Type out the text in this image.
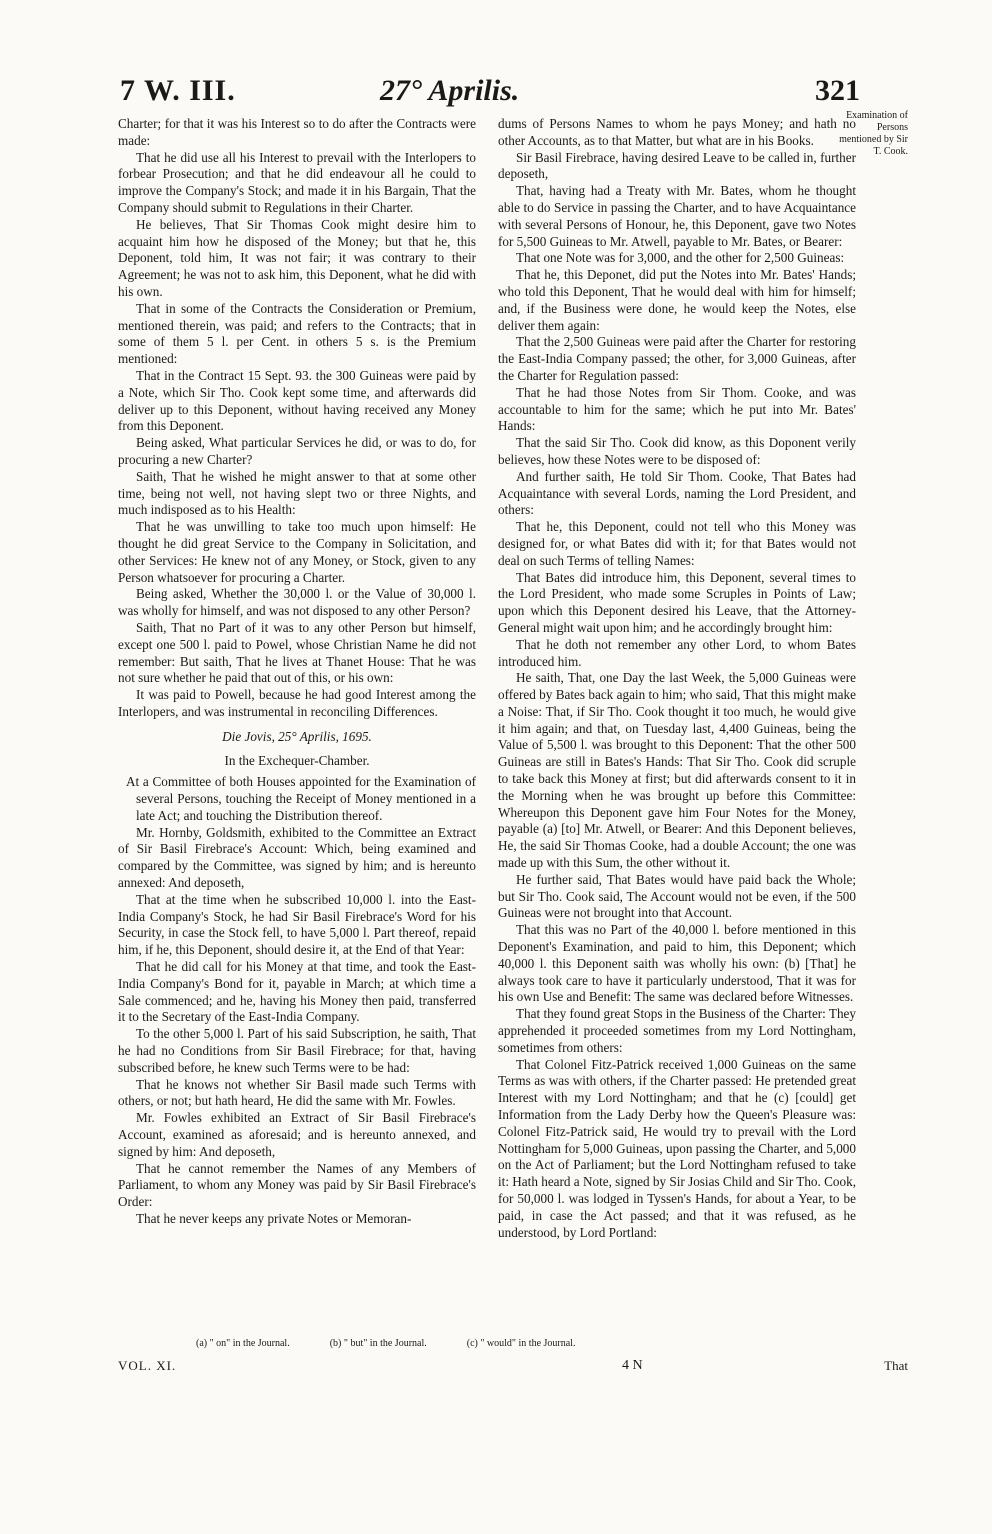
7 W. III.	27° Aprilis.	321
Examination of Persons mentioned by Sir T. Cook.

Charter; for that it was his Interest so to do after the Contracts were made:

That he did use all his Interest to prevail with the Interlopers to forbear Prosecution; and that he did endeavour all he could to improve the Company's Stock; and made it in his Bargain, That the Company should submit to Regulations in their Charter.

He believes, That Sir Thomas Cook might desire him to acquaint him how he disposed of the Money; but that he, this Deponent, told him, It was not fair; it was contrary to their Agreement; he was not to ask him, this Deponent, what he did with his own.

That in some of the Contracts the Consideration or Premium, mentioned therein, was paid; and refers to the Contracts; that in some of them 5 l. per Cent. in others 5 s. is the Premium mentioned:

That in the Contract 15 Sept. 93. the 300 Guineas were paid by a Note, which Sir Tho. Cook kept some time, and afterwards did deliver up to this Deponent, without having received any Money from this Deponent.

Being asked, What particular Services he did, or was to do, for procuring a new Charter?

Saith, That he wished he might answer to that at some other time, being not well, not having slept two or three Nights, and much indisposed as to his Health:

That he was unwilling to take too much upon himself: He thought he did great Service to the Company in Solicitation, and other Services: He knew not of any Money, or Stock, given to any Person whatsoever for procuring a Charter.

Being asked, Whether the 30,000 l. or the Value of 30,000 l. was wholly for himself, and was not disposed to any other Person?

Saith, That no Part of it was to any other Person but himself, except one 500 l. paid to Powel, whose Christian Name he did not remember: But saith, That he lives at Thanet House: That he was not sure whether he paid that out of this, or his own:

It was paid to Powell, because he had good Interest among the Interlopers, and was instrumental in reconciling Differences.

Die Jovis, 25° Aprilis, 1695.

In the Exchequer-Chamber.

At a Committee of both Houses appointed for the Examination of several Persons, touching the Receipt of Money mentioned in a late Act; and touching the Distribution thereof.

Mr. Hornby, Goldsmith, exhibited to the Committee an Extract of Sir Basil Firebrace's Account: Which, being examined and compared by the Committee, was signed by him; and is hereunto annexed: And deposeth,

That at the time when he subscribed 10,000 l. into the East-India Company's Stock, he had Sir Basil Firebrace's Word for his Security, in case the Stock fell, to have 5,000 l. Part thereof, repaid him, if he, this Deponent, should desire it, at the End of that Year:

That he did call for his Money at that time, and took the East-India Company's Bond for it, payable in March; at which time a Sale commenced; and he, having his Money then paid, transferred it to the Secretary of the East-India Company.

To the other 5,000 l. Part of his said Subscription, he saith, That he had no Conditions from Sir Basil Firebrace; for that, having subscribed before, he knew such Terms were to be had:

That he knows not whether Sir Basil made such Terms with others, or not; but hath heard, He did the same with Mr. Fowles.

Mr. Fowles exhibited an Extract of Sir Basil Firebrace's Account, examined as aforesaid; and is hereunto annexed, and signed by him: And deposeth,

That he cannot remember the Names of any Members of Parliament, to whom any Money was paid by Sir Basil Firebrace's Order:

That he never keeps any private Notes or Memoran-

dums of Persons Names to whom he pays Money; and hath no other Accounts, as to that Matter, but what are in his Books.

Sir Basil Firebrace, having desired Leave to be called in, further deposeth,

That, having had a Treaty with Mr. Bates, whom he thought able to do Service in passing the Charter, and to have Acquaintance with several Persons of Honour, he, this Deponent, gave two Notes for 5,500 Guineas to Mr. Atwell, payable to Mr. Bates, or Bearer:

That one Note was for 3,000, and the other for 2,500 Guineas:

That he, this Deponet, did put the Notes into Mr. Bates' Hands; who told this Deponent, That he would deal with him for himself; and, if the Business were done, he would keep the Notes, else deliver them again:

That the 2,500 Guineas were paid after the Charter for restoring the East-India Company passed; the other, for 3,000 Guineas, after the Charter for Regulation passed:

That he had those Notes from Sir Thom. Cooke, and was accountable to him for the same; which he put into Mr. Bates' Hands:

That the said Sir Tho. Cook did know, as this Doponent verily believes, how these Notes were to be disposed of:

And further saith, He told Sir Thom. Cooke, That Bates had Acquaintance with several Lords, naming the Lord President, and others:

That he, this Deponent, could not tell who this Money was designed for, or what Bates did with it; for that Bates would not deal on such Terms of telling Names:

That Bates did introduce him, this Deponent, several times to the Lord President, who made some Scruples in Points of Law; upon which this Deponent desired his Leave, that the Attorney-General might wait upon him; and he accordingly brought him:

That he doth not remember any other Lord, to whom Bates introduced him.

He saith, That, one Day the last Week, the 5,000 Guineas were offered by Bates back again to him; who said, That this might make a Noise: That, if Sir Tho. Cook thought it too much, he would give it him again; and that, on Tuesday last, 4,400 Guineas, being the Value of 5,500 l. was brought to this Deponent: That the other 500 Guineas are still in Bates's Hands: That Sir Tho. Cook did scruple to take back this Money at first; but did afterwards consent to it in the Morning when he was brought up before this Committee: Whereupon this Deponent gave him Four Notes for the Money, payable (a) [to] Mr. Atwell, or Bearer: And this Deponent believes, He, the said Sir Thomas Cooke, had a double Account; the one was made up with this Sum, the other without it.

He further said, That Bates would have paid back the Whole; but Sir Tho. Cook said, The Account would not be even, if the 500 Guineas were not brought into that Account.

That this was no Part of the 40,000 l. before mentioned in this Deponent's Examination, and paid to him, this Deponent; which 40,000 l. this Deponent saith was wholly his own: (b) [That] he always took care to have it particularly understood, That it was for his own Use and Benefit: The same was declared before Witnesses.

That they found great Stops in the Business of the Charter: They apprehended it proceeded sometimes from my Lord Nottingham, sometimes from others:

That Colonel Fitz-Patrick received 1,000 Guineas on the same Terms as was with others, if the Charter passed: He pretended great Interest with my Lord Nottingham; and that he (c) [could] get Information from the Lady Derby how the Queen's Pleasure was: Colonel Fitz-Patrick said, He would try to prevail with the Lord Nottingham for 5,000 Guineas, upon passing the Charter, and 5,000 on the Act of Parliament; but the Lord Nottingham refused to take it: Hath heard a Note, signed by Sir Josias Child and Sir Tho. Cook, for 50,000 l. was lodged in Tyssen's Hands, for about a Year, to be paid, in case the Act passed; and that it was refused, as he understood, by Lord Portland:

(a) " on" in the Journal.	(b) " but" in the Journal.	(c) " would" in the Journal.
VOL. XI.	4 N	That
